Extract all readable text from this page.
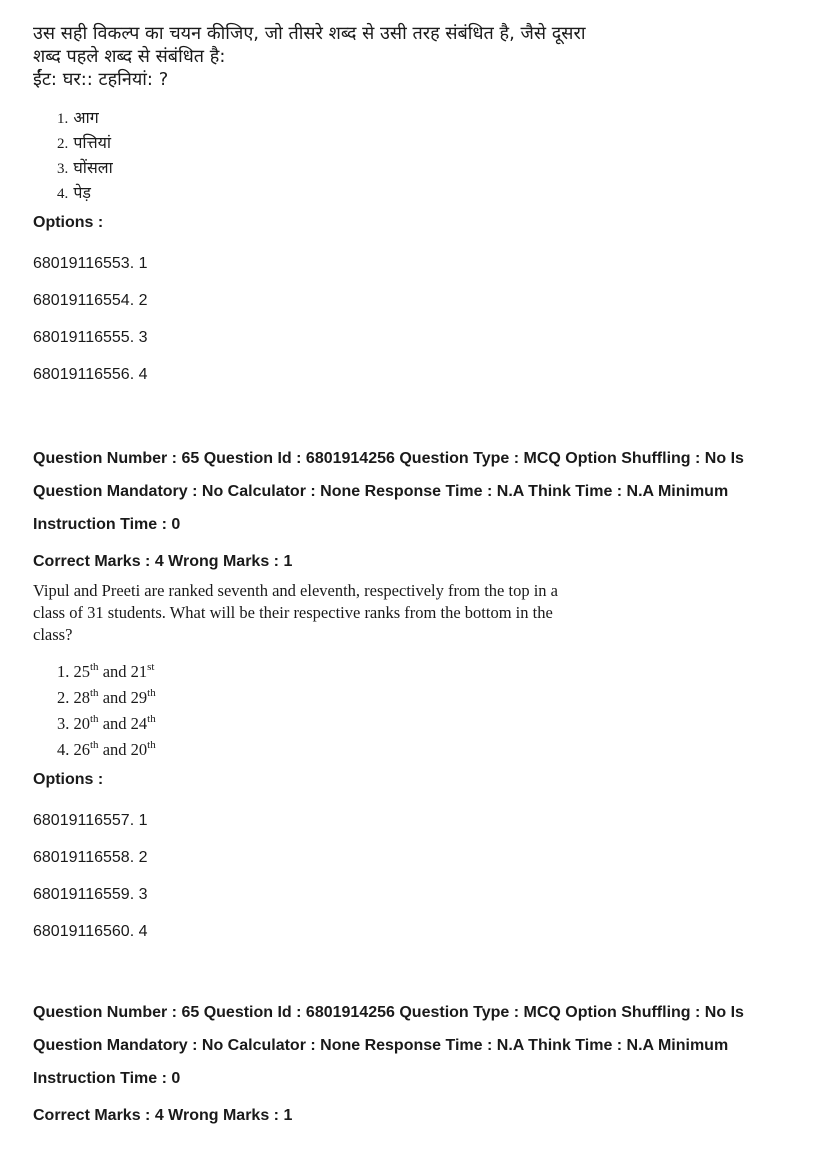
उस सही विकल्प का चयन कीजिए, जो तीसरे शब्द से उसी तरह संबंधित है, जैसे दूसरा
शब्द पहले शब्द से संबंधित है:
ईंट: घर:: टहनियां: ?
1. आग
2. पत्तियां
3. घोंसला
4. पेड़
Options :
68019116553. 1
68019116554. 2
68019116555. 3
68019116556. 4
Question Number : 65 Question Id : 6801914256 Question Type : MCQ Option Shuffling : No Is
Question Mandatory : No Calculator : None Response Time : N.A Think Time : N.A Minimum
Instruction Time : 0
Correct Marks : 4 Wrong Marks : 1
Vipul and Preeti are ranked seventh and eleventh, respectively from the top in a
class of 31 students. What will be their respective ranks from the bottom in the
class?
1. 25th and 21st
2. 28th and 29th
3. 20th and 24th
4. 26th and 20th
Options :
68019116557. 1
68019116558. 2
68019116559. 3
68019116560. 4
Question Number : 65 Question Id : 6801914256 Question Type : MCQ Option Shuffling : No Is
Question Mandatory : No Calculator : None Response Time : N.A Think Time : N.A Minimum
Instruction Time : 0
Correct Marks : 4 Wrong Marks : 1
